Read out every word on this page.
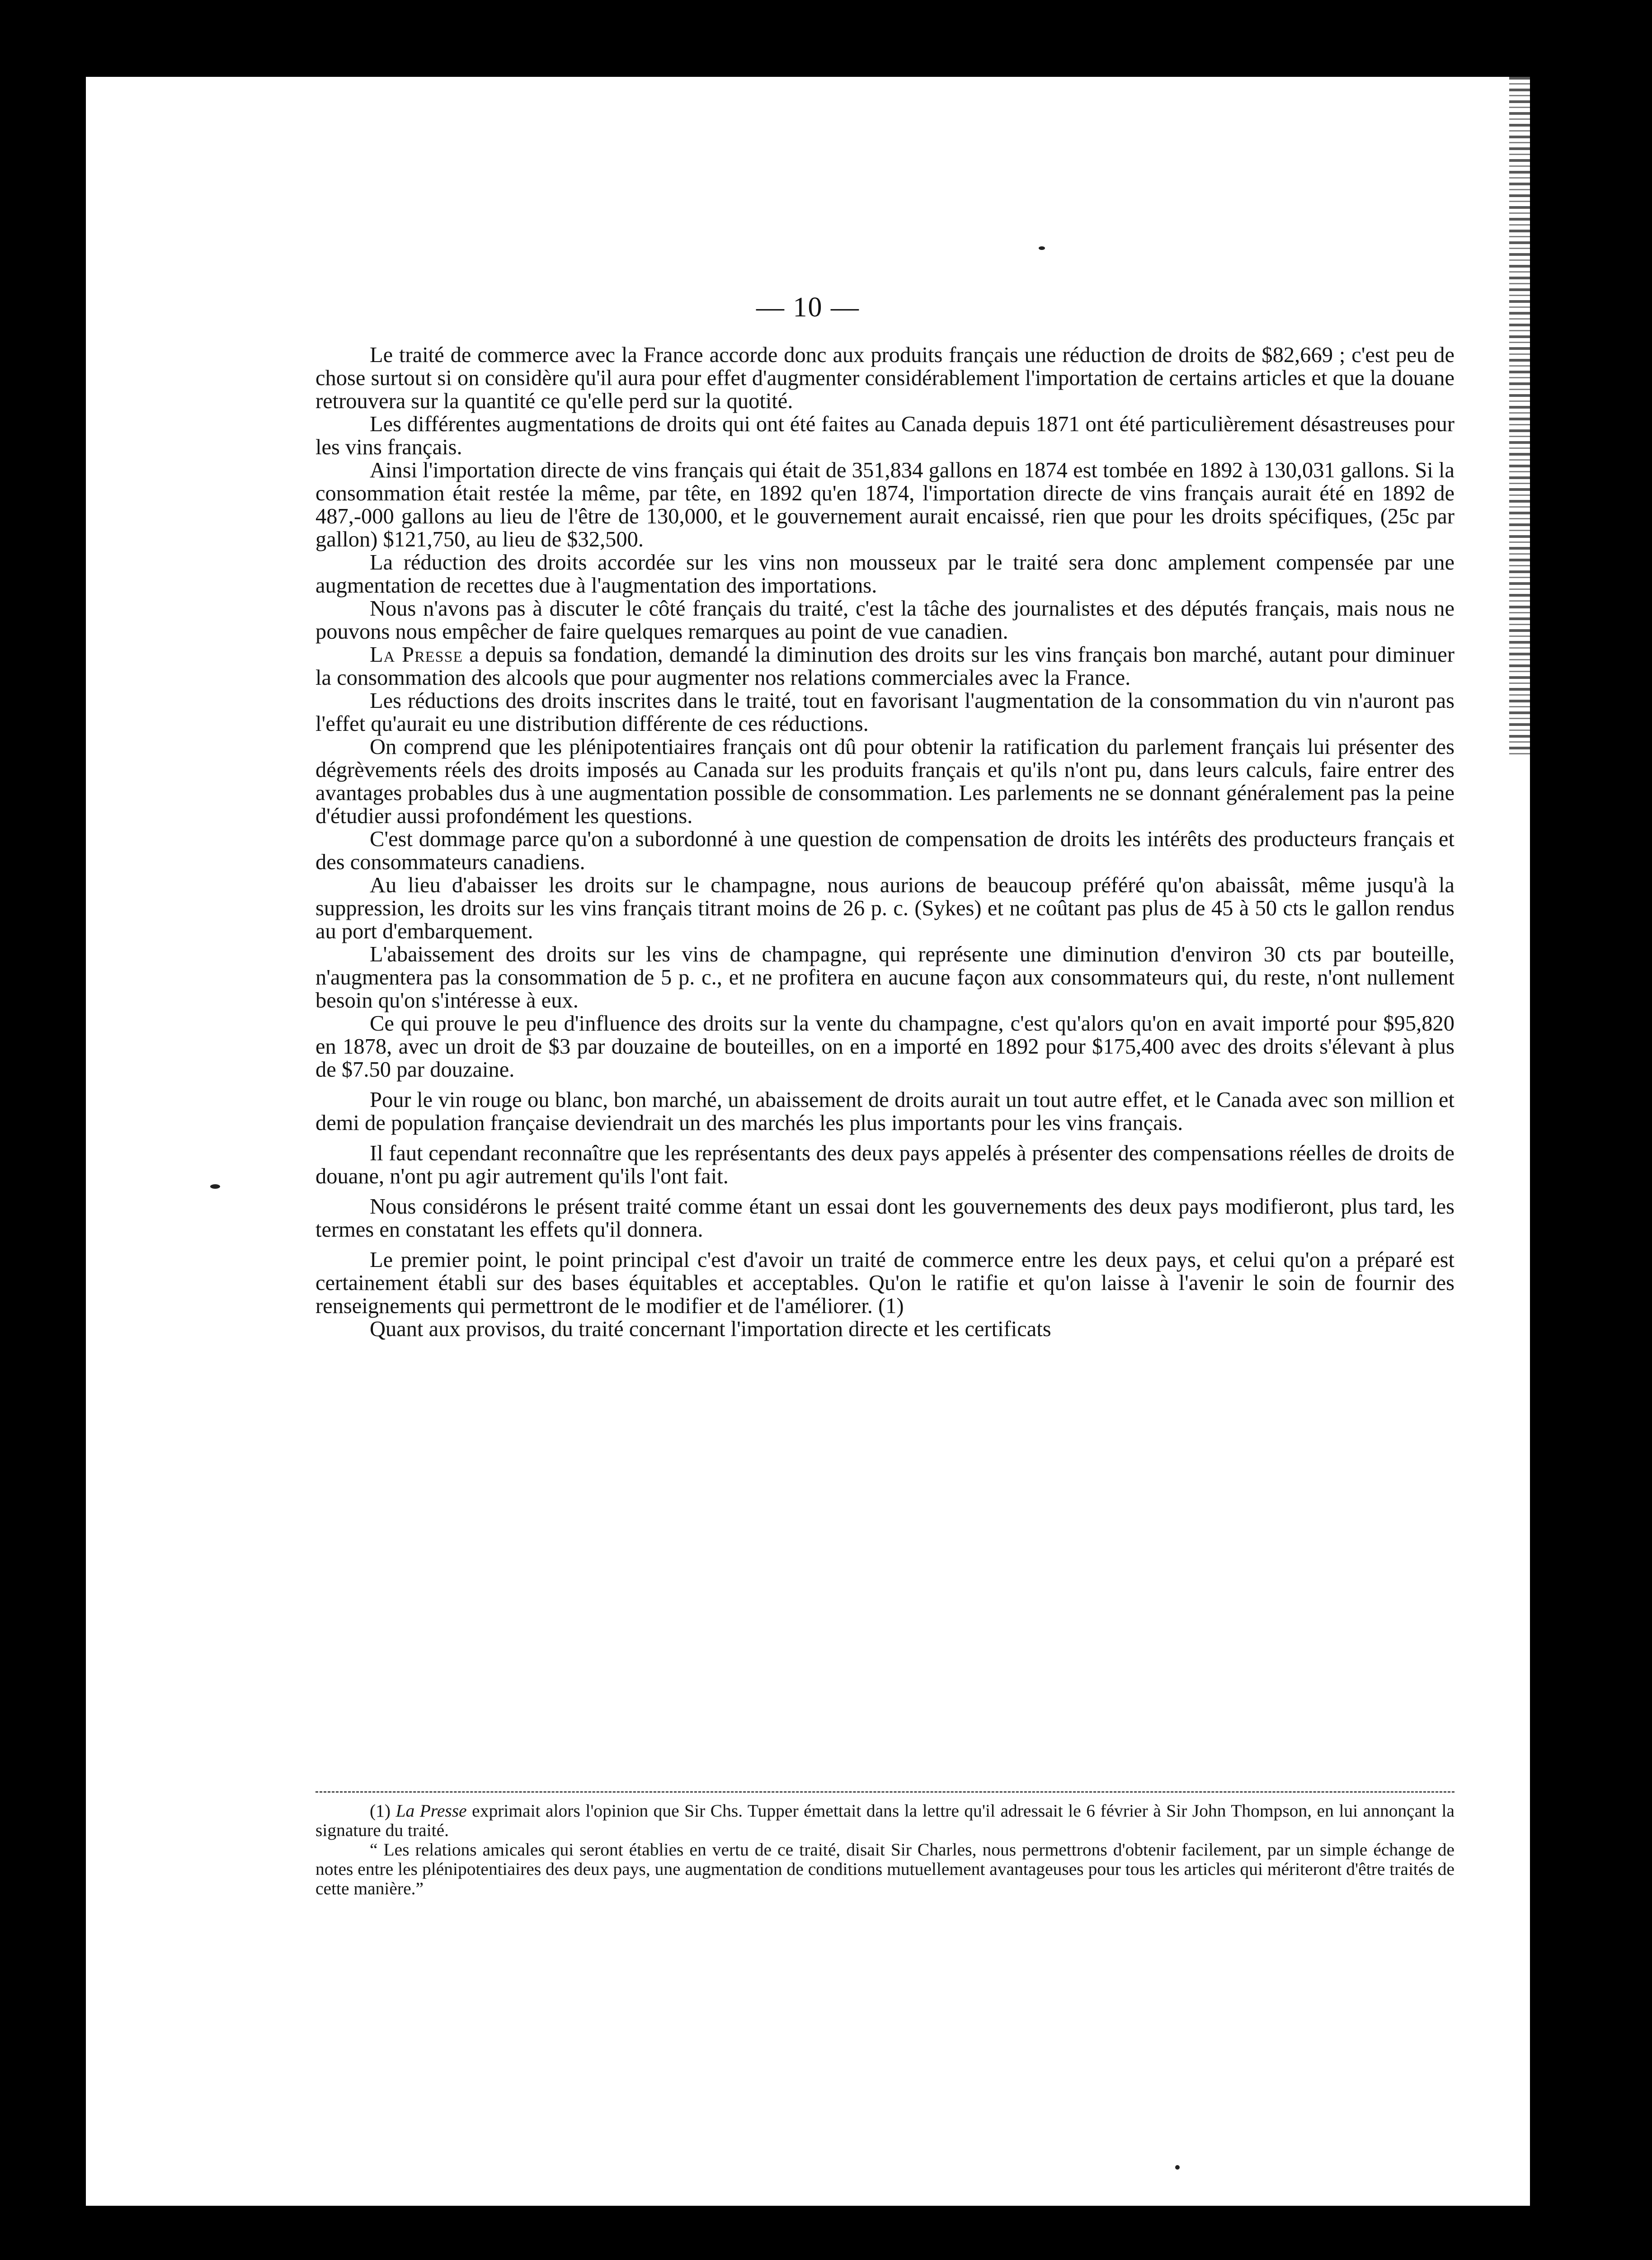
— 10 —

Le traité de commerce avec la France accorde donc aux produits français une réduction de droits de $82,669 ; c'est peu de chose surtout si on considère qu'il aura pour effet d'augmenter considérablement l'importation de certains articles et que la douane retrouvera sur la quantité ce qu'elle perd sur la quotité.

Les différentes augmentations de droits qui ont été faites au Canada depuis 1871 ont été particulièrement désastreuses pour les vins français.

Ainsi l'importation directe de vins français qui était de 351,834 gallons en 1874 est tombée en 1892 à 130,031 gallons. Si la consommation était restée la même, par tête, en 1892 qu'en 1874, l'importation directe de vins français aurait été en 1892 de 487,-000 gallons au lieu de l'être de 130,000, et le gouvernement aurait encaissé, rien que pour les droits spécifiques, (25c par gallon) $121,750, au lieu de $32,500.

La réduction des droits accordée sur les vins non mousseux par le traité sera donc amplement compensée par une augmentation de recettes due à l'augmentation des importations.

Nous n'avons pas à discuter le côté français du traité, c'est la tâche des journalistes et des députés français, mais nous ne pouvons nous empêcher de faire quelques remarques au point de vue canadien.

La Presse a depuis sa fondation, demandé la diminution des droits sur les vins français bon marché, autant pour diminuer la consommation des alcools que pour augmenter nos relations commerciales avec la France.

Les réductions des droits inscrites dans le traité, tout en favorisant l'augmentation de la consommation du vin n'auront pas l'effet qu'aurait eu une distribution différente de ces réductions.

On comprend que les plénipotentiaires français ont dû pour obtenir la ratification du parlement français lui présenter des dégrèvements réels des droits imposés au Canada sur les produits français et qu'ils n'ont pu, dans leurs calculs, faire entrer des avantages probables dus à une augmentation possible de consommation. Les parlements ne se donnant généralement pas la peine d'étudier aussi profondément les questions.

C'est dommage parce qu'on a subordonné à une question de compensation de droits les intérêts des producteurs français et des consommateurs canadiens.

Au lieu d'abaisser les droits sur le champagne, nous aurions de beaucoup préféré qu'on abaissât, même jusqu'à la suppression, les droits sur les vins français titrant moins de 26 p. c. (Sykes) et ne coûtant pas plus de 45 à 50 cts le gallon rendus au port d'embarquement.

L'abaissement des droits sur les vins de champagne, qui représente une diminution d'environ 30 cts par bouteille, n'augmentera pas la consommation de 5 p. c., et ne profitera en aucune façon aux consommateurs qui, du reste, n'ont nullement besoin qu'on s'intéresse à eux.

Ce qui prouve le peu d'influence des droits sur la vente du champagne, c'est qu'alors qu'on en avait importé pour $95,820 en 1878, avec un droit de $3 par douzaine de bouteilles, on en a importé en 1892 pour $175,400 avec des droits s'élevant à plus de $7.50 par douzaine.

Pour le vin rouge ou blanc, bon marché, un abaissement de droits aurait un tout autre effet, et le Canada avec son million et demi de population française deviendrait un des marchés les plus importants pour les vins français.

Il faut cependant reconnaître que les représentants des deux pays appelés à présenter des compensations réelles de droits de douane, n'ont pu agir autrement qu'ils l'ont fait.

Nous considérons le présent traité comme étant un essai dont les gouvernements des deux pays modifieront, plus tard, les termes en constatant les effets qu'il donnera.

Le premier point, le point principal c'est d'avoir un traité de commerce entre les deux pays, et celui qu'on a préparé est certainement établi sur des bases équitables et acceptables. Qu'on le ratifie et qu'on laisse à l'avenir le soin de fournir des renseignements qui permettront de le modifier et de l'améliorer. (1)

Quant aux provisos, du traité concernant l'importation directe et les certificats

(1) La Presse exprimait alors l'opinion que Sir Chs. Tupper émettait dans la lettre qu'il adressait le 6 février à Sir John Thompson, en lui annonçant la signature du traité.

“ Les relations amicales qui seront établies en vertu de ce traité, disait Sir Charles, nous permettrons d'obtenir facilement, par un simple échange de notes entre les plénipotentiaires des deux pays, une augmentation de conditions mutuellement avantageuses pour tous les articles qui mériteront d'être traités de cette manière.”
